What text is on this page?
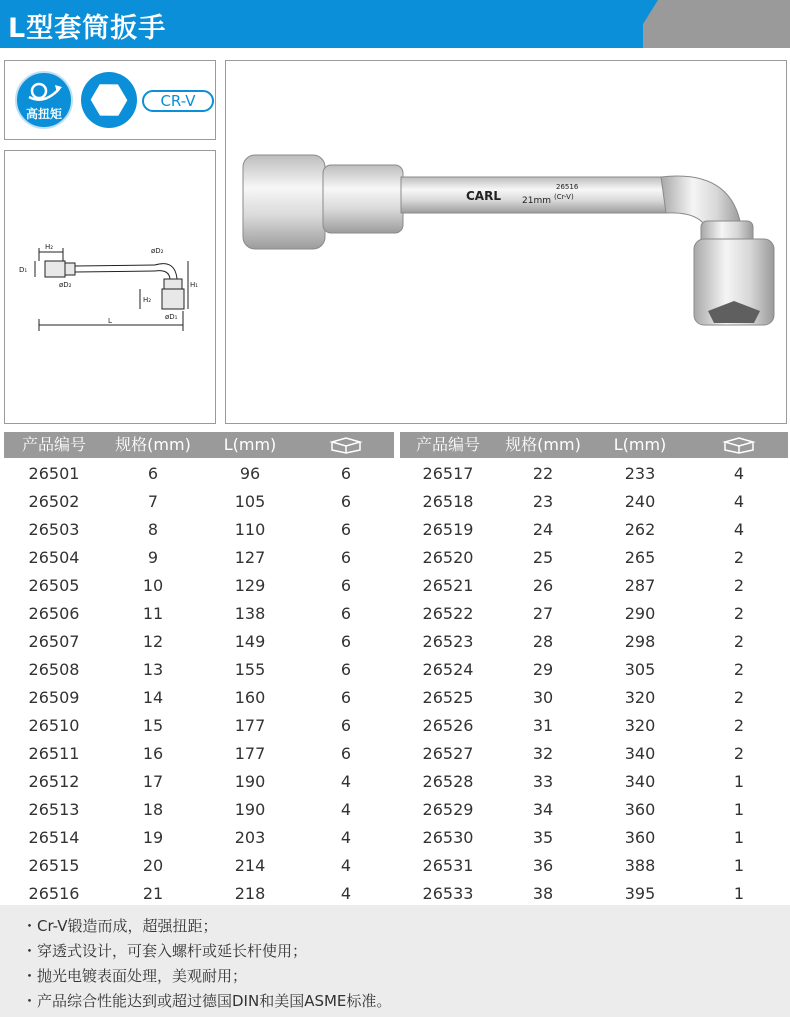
L型套筒扳手
高扭矩
CR-V
H₂
D₁
øD₂
øD₂
H₁
H₂
øD₁
L
CARL 21mm
26516
(Cr-V)
产品编号	规格(mm)	L(mm)	产品编号	规格(mm)	L(mm)
26501	6	96	6
26502	7	105	6
26503	8	110	6
26504	9	127	6
26505	10	129	6
26506	11	138	6
26507	12	149	6
26508	13	155	6
26509	14	160	6
26510	15	177	6
26511	16	177	6
26512	17	190	4
26513	18	190	4
26514	19	203	4
26515	20	214	4
26516	21	218	4
26517	22	233	4
26518	23	240	4
26519	24	262	4
26520	25	265	2
26521	26	287	2
26522	27	290	2
26523	28	298	2
26524	29	305	2
26525	30	320	2
26526	31	320	2
26527	32	340	2
26528	33	340	1
26529	34	360	1
26530	35	360	1
26531	36	388	1
26533	38	395	1
・Cr-V锻造而成，超强扭距；
・穿透式设计，可套入螺杆或延长杆使用；
・抛光电镀表面处理，美观耐用；
・产品综合性能达到或超过德国DIN和美国ASME标准。
